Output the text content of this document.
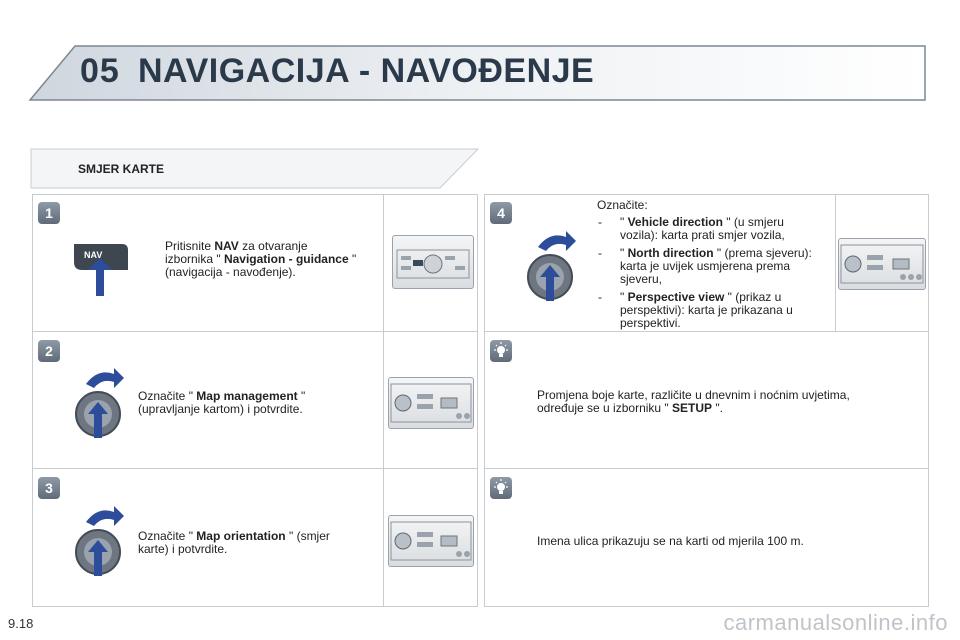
05 NAVIGACIJA - NAVOĐENJE
SMJER KARTE
1
NAV
Pritisnite NAV za otvaranje
izbornika " Navigation - guidance "
(navigacija - navođenje).
2
Označite " Map management "
(upravljanje kartom) i potvrdite.
3
Označite " Map orientation " (smjer
karte) i potvrdite.
4	Označite:
- " Vehicle direction " (u smjeru
vozila): karta prati smjer vozila,
- " North direction " (prema sjeveru):
karta je uvijek usmjerena prema
sjeveru,
- " Perspective view " (prikaz u
perspektivi): karta je prikazana u
perspektivi.
Promjena boje karte, različite u dnevnim i noćnim uvjetima,
određuje se u izborniku " SETUP ".
Imena ulica prikazuju se na karti od mjerila 100 m.
9.18	carmanualsonline.info
